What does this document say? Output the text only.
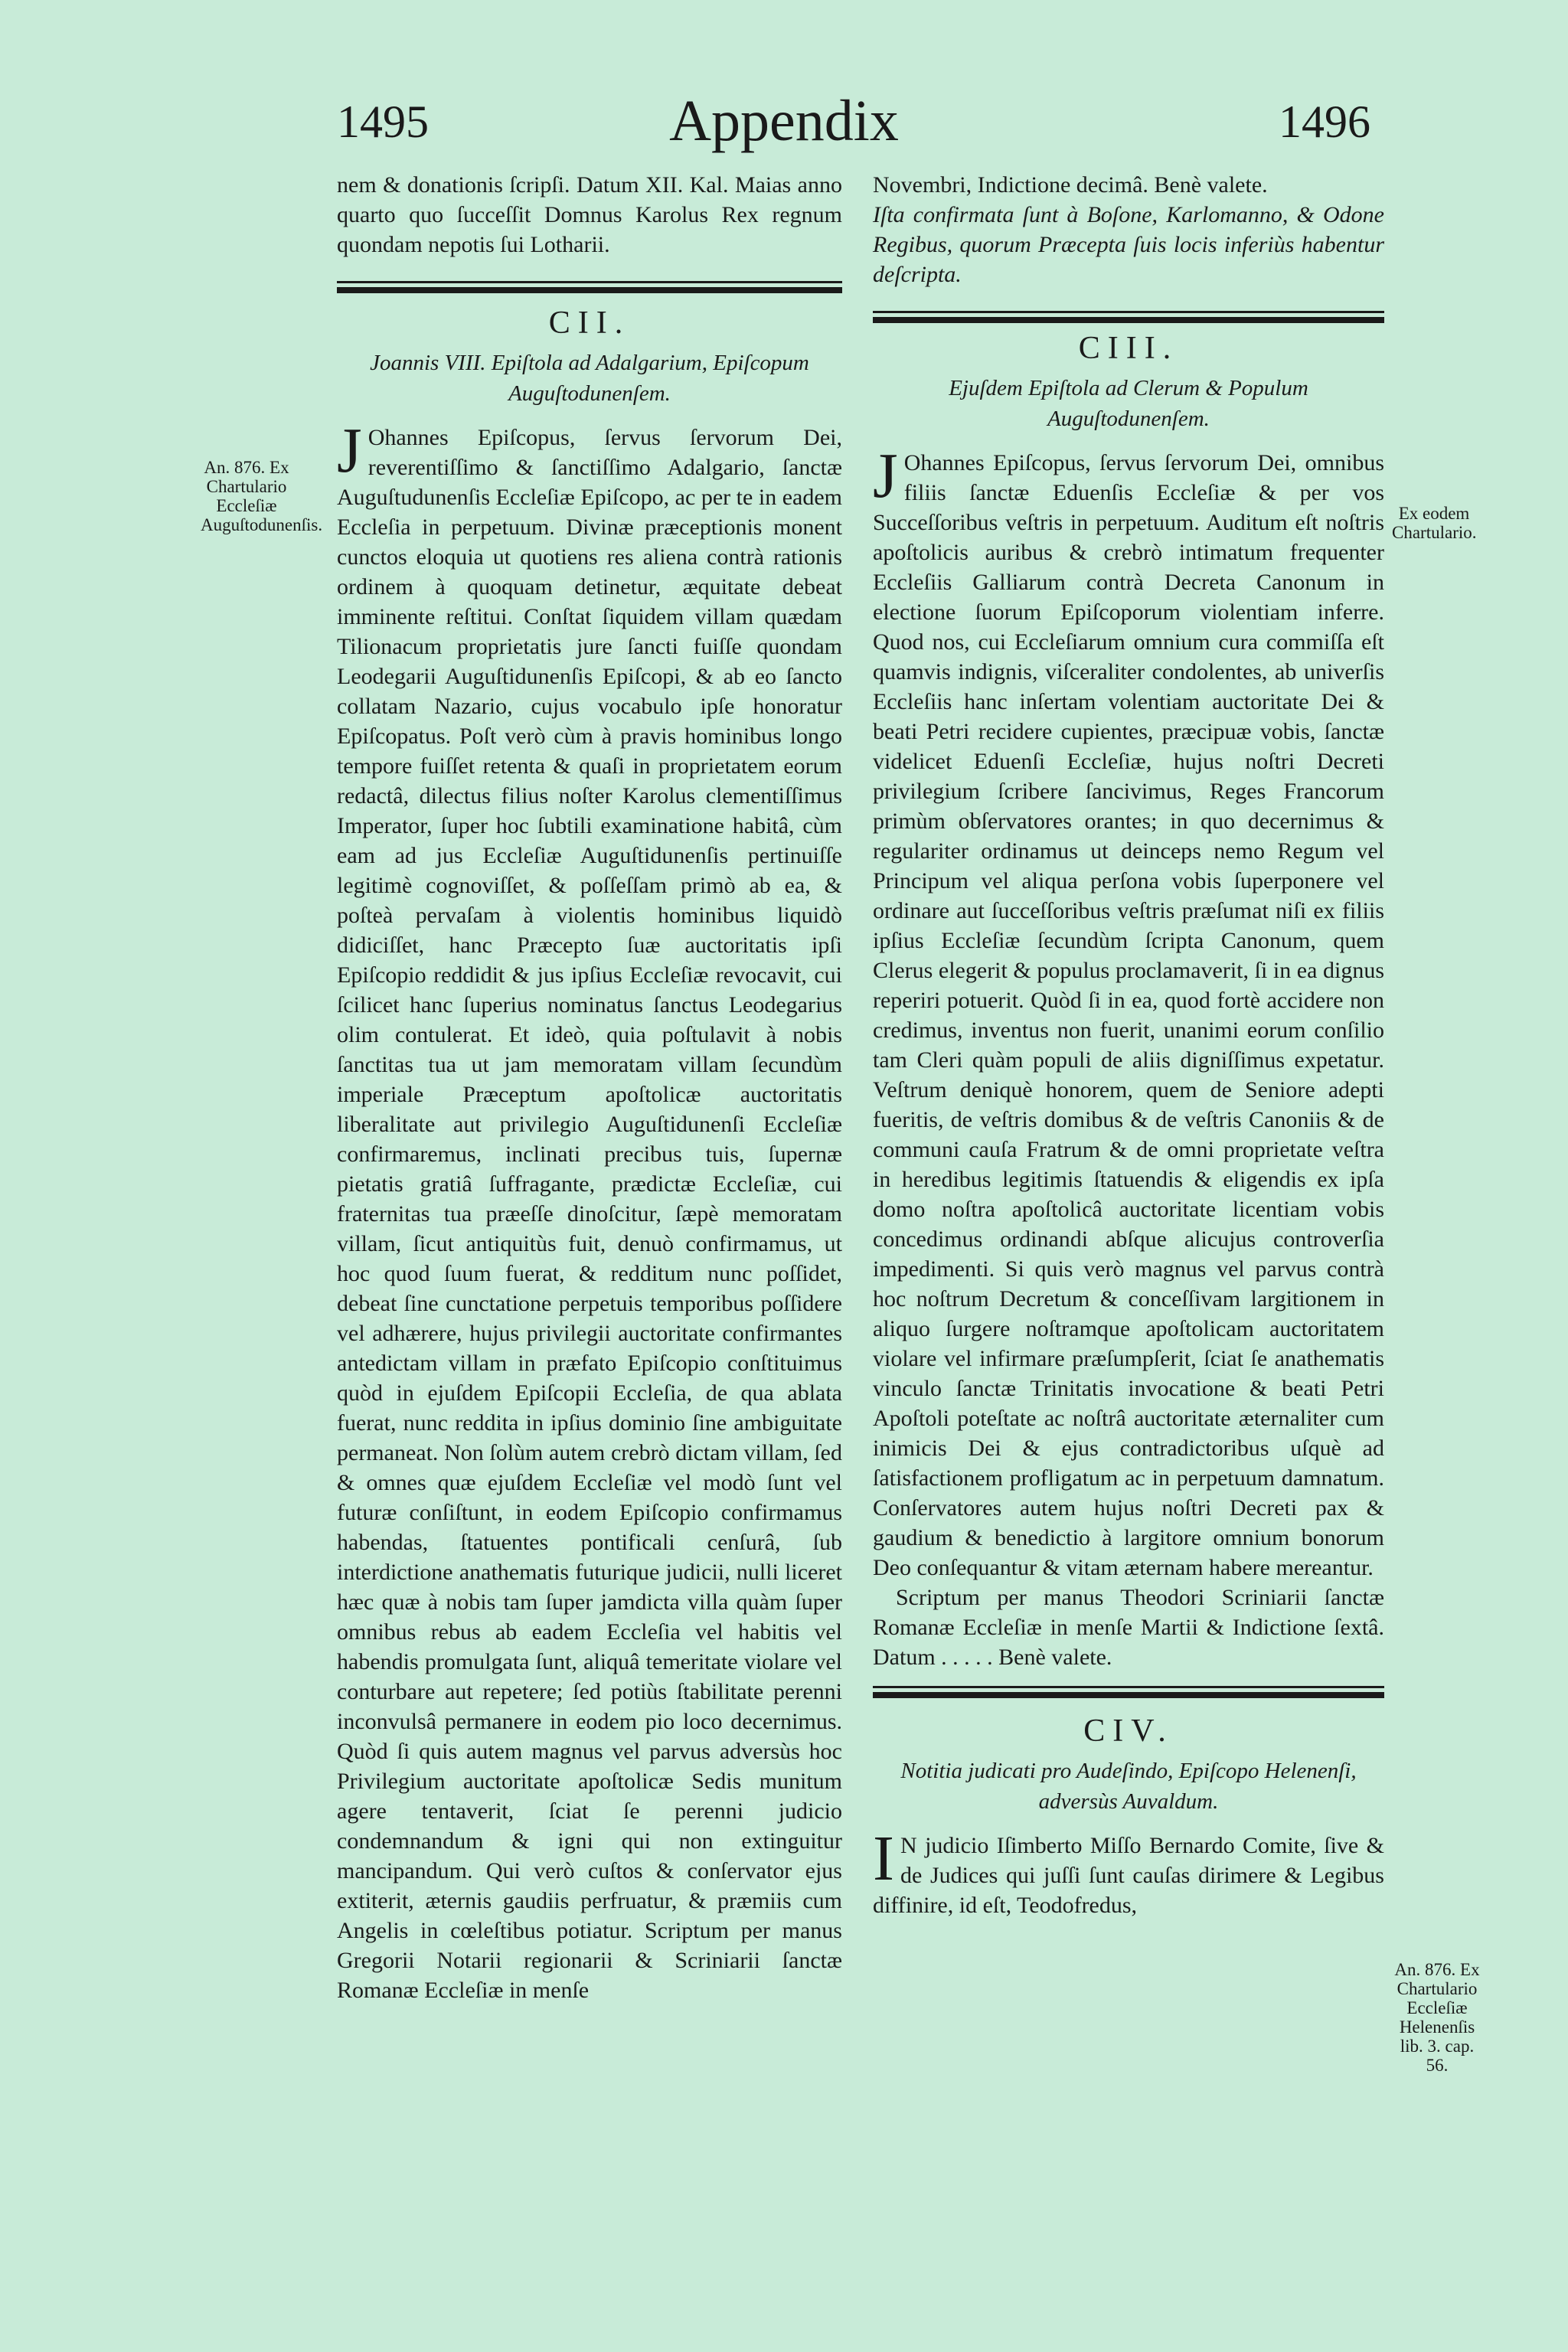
1495	Appendix	1496
An. 876. Ex Chartulario Eccleſiæ Auguſtodunenſis.

nem & donationis ſcripſi. Datum XII. Kal. Maias anno quarto quo ſucceſſit Domnus Karolus Rex regnum quondam nepotis ſui Lotharii.

CII.
Joannis VIII. Epiſtola ad Adalgarium, Epiſcopum Auguſtodunenſem.

J Ohannes Epiſcopus, ſervus ſervorum Dei, reverentiſſimo & ſanctiſſimo Adalgario, ſanctæ Auguſtudunenſis Eccleſiæ Epiſcopo, ac per te in eadem Eccleſia in perpetuum. Divinæ præceptionis monent cunctos eloquia ut quotiens res aliena contrà rationis ordinem à quoquam detinetur, æquitate debeat imminente reſtitui. Conſtat ſiquidem villam quædam Tilionacum proprietatis jure ſancti fuiſſe quondam Leodegarii Auguſtidunenſis Epiſcopi, & ab eo ſancto collatam Nazario, cujus vocabulo ipſe honoratur Epiſcopatus. Poſt verò cùm à pravis hominibus longo tempore fuiſſet retenta & quaſi in proprietatem eorum redactâ, dilectus filius noſter Karolus clementiſſimus Imperator, ſuper hoc ſubtili examinatione habitâ, cùm eam ad jus Eccleſiæ Auguſtidunenſis pertinuiſſe legitimè cognoviſſet, & poſſeſſam primò ab ea, & poſteà pervaſam à violentis hominibus liquidò didiciſſet, hanc Præcepto ſuæ auctoritatis ipſi Epiſcopio reddidit & jus ipſius Eccleſiæ revocavit, cui ſcilicet hanc ſuperius nominatus ſanctus Leodegarius olim contulerat. Et ideò, quia poſtulavit à nobis ſanctitas tua ut jam memoratam villam ſecundùm imperiale Præceptum apoſtolicæ auctoritatis liberalitate aut privilegio Auguſtidunenſi Eccleſiæ confirmaremus, inclinati precibus tuis, ſupernæ pietatis gratiâ ſuffragante, prædictæ Eccleſiæ, cui fraternitas tua præeſſe dinoſcitur, ſæpè memoratam villam, ſicut antiquitùs fuit, denuò confirmamus, ut hoc quod ſuum fuerat, & redditum nunc poſſidet, debeat ſine cunctatione perpetuis temporibus poſſidere vel adhærere, hujus privilegii auctoritate confirmantes antedictam villam in præfato Epiſcopio conſtituimus quòd in ejuſdem Epiſcopii Eccleſia, de qua ablata fuerat, nunc reddita in ipſius dominio ſine ambiguitate permaneat. Non ſolùm autem crebrò dictam villam, ſed & omnes quæ ejuſdem Eccleſiæ vel modò ſunt vel futuræ conſiſtunt, in eodem Epiſcopio confirmamus habendas, ſtatuentes pontificali cenſurâ, ſub interdictione anathematis futurique judicii, nulli liceret hæc quæ à nobis tam ſuper jamdicta villa quàm ſuper omnibus rebus ab eadem Eccleſia vel habitis vel habendis promulgata ſunt, aliquâ temeritate violare vel conturbare aut repetere; ſed potiùs ſtabilitate perenni inconvulsâ permanere in eodem pio loco decernimus. Quòd ſi quis autem magnus vel parvus adversùs hoc Privilegium auctoritate apoſtolicæ Sedis munitum agere tentaverit, ſciat ſe perenni judicio condemnandum & igni qui non extinguitur mancipandum. Qui verò cuſtos & conſervator ejus extiterit, æternis gaudiis perfruatur, & præmiis cum Angelis in cœleſtibus potiatur. Scriptum per manus Gregorii Notarii regionarii & Scriniarii ſanctæ Romanæ Eccleſiæ in menſe

Novembri, Indictione decimâ. Benè valete.

Iſta confirmata ſunt à Boſone, Karlomanno, & Odone Regibus, quorum Præcepta ſuis locis inferiùs habentur deſcripta.

CIII.
Ejuſdem Epiſtola ad Clerum & Populum Auguſtodunenſem.

J Ohannes Epiſcopus, ſervus ſervorum Dei, omnibus filiis ſanctæ Eduenſis Eccleſiæ & per vos Succeſſoribus veſtris in perpetuum. Auditum eſt noſtris apoſtolicis auribus & crebrò intimatum frequenter Eccleſiis Galliarum contrà Decreta Canonum in electione ſuorum Epiſcoporum violentiam inferre. Quod nos, cui Eccleſiarum omnium cura commiſſa eſt quamvis indignis, viſceraliter condolentes, ab univerſis Eccleſiis hanc inſertam volentiam auctoritate Dei & beati Petri recidere cupientes, præcipuæ vobis, ſanctæ videlicet Eduenſi Eccleſiæ, hujus noſtri Decreti privilegium ſcribere ſancivimus, Reges Francorum primùm obſervatores orantes; in quo decernimus & regulariter ordinamus ut deinceps nemo Regum vel Principum vel aliqua perſona vobis ſuperponere vel ordinare aut ſucceſſoribus veſtris præſumat niſi ex filiis ipſius Eccleſiæ ſecundùm ſcripta Canonum, quem Clerus elegerit & populus proclamaverit, ſi in ea dignus reperiri potuerit. Quòd ſi in ea, quod fortè accidere non credimus, inventus non fuerit, unanimi eorum conſilio tam Cleri quàm populi de aliis digniſſimus expetatur. Veſtrum deniquè honorem, quem de Seniore adepti fueritis, de veſtris domibus & de veſtris Canoniis & de communi cauſa Fratrum & de omni proprietate veſtra in heredibus legitimis ſtatuendis & eligendis ex ipſa domo noſtra apoſtolicâ auctoritate licentiam vobis concedimus ordinandi abſque alicujus controverſia impedimenti. Si quis verò magnus vel parvus contrà hoc noſtrum Decretum & conceſſivam largitionem in aliquo ſurgere noſtramque apoſtolicam auctoritatem violare vel infirmare præſumpſerit, ſciat ſe anathematis vinculo ſanctæ Trinitatis invocatione & beati Petri Apoſtoli poteſtate ac noſtrâ auctoritate æternaliter cum inimicis Dei & ejus contradictoribus uſquè ad ſatisfactionem profligatum ac in perpetuum damnatum. Conſervatores autem hujus noſtri Decreti pax & gaudium & benedictio à largitore omnium bonorum Deo conſequantur & vitam æternam habere mereantur.

Scriptum per manus Theodori Scriniarii ſanctæ Romanæ Eccleſiæ in menſe Martii & Indictione ſextâ. Datum . . . . . Benè valete.

CIV.
Notitia judicati pro Audeſindo, Epiſcopo Helenenſi, adversùs Auvaldum.

I N judicio Iſimberto Miſſo Bernardo Comite, ſive & de Judices qui juſſi ſunt cauſas dirimere & Legibus diffinire, id eſt, Teodofredus,

Ex eodem Chartulario.
An. 876. Ex Chartulario Eccleſiæ Helenenſis lib. 3. cap. 56.
